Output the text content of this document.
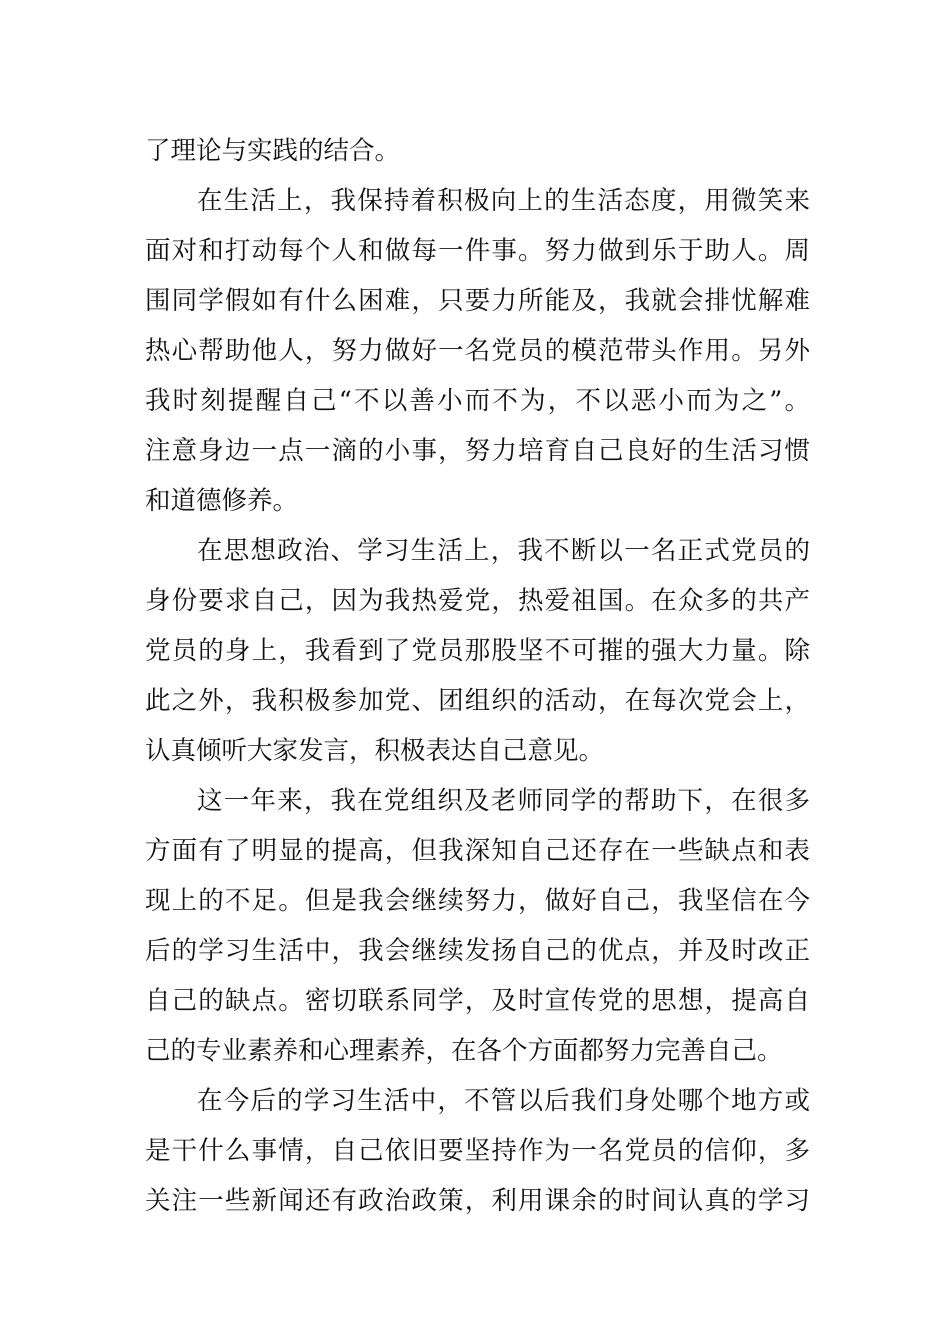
了理论与实践的结合。
在生活上，我保持着积极向上的生活态度，用微笑来
面对和打动每个人和做每一件事。努力做到乐于助人。周
围同学假如有什么困难，只要力所能及，我就会排忧解难
热心帮助他人，努力做好一名党员的模范带头作用。另外
我时刻提醒自己“不以善小而不为，不以恶小而为之”。
注意身边一点一滴的小事，努力培育自己良好的生活习惯
和道德修养。
在思想政治、学习生活上，我不断以一名正式党员的
身份要求自己，因为我热爱党，热爱祖国。在众多的共产
党员的身上，我看到了党员那股坚不可摧的强大力量。除
此之外，我积极参加党、团组织的活动，在每次党会上，
认真倾听大家发言，积极表达自己意见。
这一年来，我在党组织及老师同学的帮助下，在很多
方面有了明显的提高，但我深知自己还存在一些缺点和表
现上的不足。但是我会继续努力，做好自己，我坚信在今
后的学习生活中，我会继续发扬自己的优点，并及时改正
自己的缺点。密切联系同学，及时宣传党的思想，提高自
己的专业素养和心理素养，在各个方面都努力完善自己。
在今后的学习生活中，不管以后我们身处哪个地方或
是干什么事情，自己依旧要坚持作为一名党员的信仰，多
关注一些新闻还有政治政策，利用课余的时间认真的学习
